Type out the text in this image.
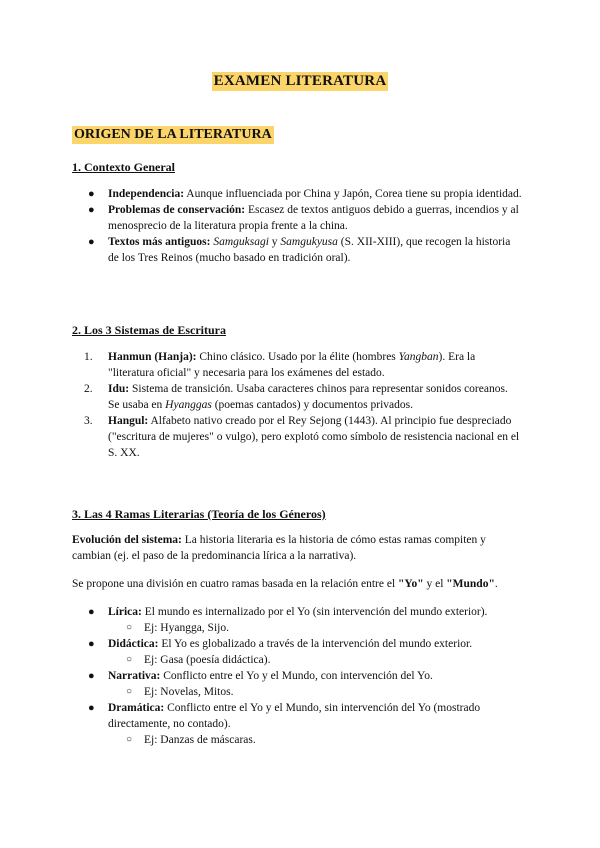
EXAMEN LITERATURA
ORIGEN DE LA LITERATURA
1. Contexto General
● Independencia: Aunque influenciada por China y Japón, Corea tiene su propia identidad.
● Problemas de conservación: Escasez de textos antiguos debido a guerras, incendios y al menosprecio de la literatura propia frente a la china.
● Textos más antiguos: Samguksagi y Samgukyusa (S. XII-XIII), que recogen la historia de los Tres Reinos (mucho basado en tradición oral).
2. Los 3 Sistemas de Escritura
1. Hanmun (Hanja): Chino clásico. Usado por la élite (hombres Yangban). Era la "literatura oficial" y necesaria para los exámenes del estado.
2. Idu: Sistema de transición. Usaba caracteres chinos para representar sonidos coreanos. Se usaba en Hyanggas (poemas cantados) y documentos privados.
3. Hangul: Alfabeto nativo creado por el Rey Sejong (1443). Al principio fue despreciado ("escritura de mujeres" o vulgo), pero explotó como símbolo de resistencia nacional en el S. XX.
3. Las 4 Ramas Literarias (Teoría de los Géneros)

Evolución del sistema: La historia literaria es la historia de cómo estas ramas compiten y cambian (ej. el paso de la predominancia lírica a la narrativa).

Se propone una división en cuatro ramas basada en la relación entre el "Yo" y el "Mundo".

● Lírica: El mundo es internalizado por el Yo (sin intervención del mundo exterior).
○ Ej: Hyangga, Sijo.
● Didáctica: El Yo es globalizado a través de la intervención del mundo exterior.
○ Ej: Gasa (poesía didáctica).
● Narrativa: Conflicto entre el Yo y el Mundo, con intervención del Yo.
○ Ej: Novelas, Mitos.
● Dramática: Conflicto entre el Yo y el Mundo, sin intervención del Yo (mostrado directamente, no contado).
○ Ej: Danzas de máscaras.
